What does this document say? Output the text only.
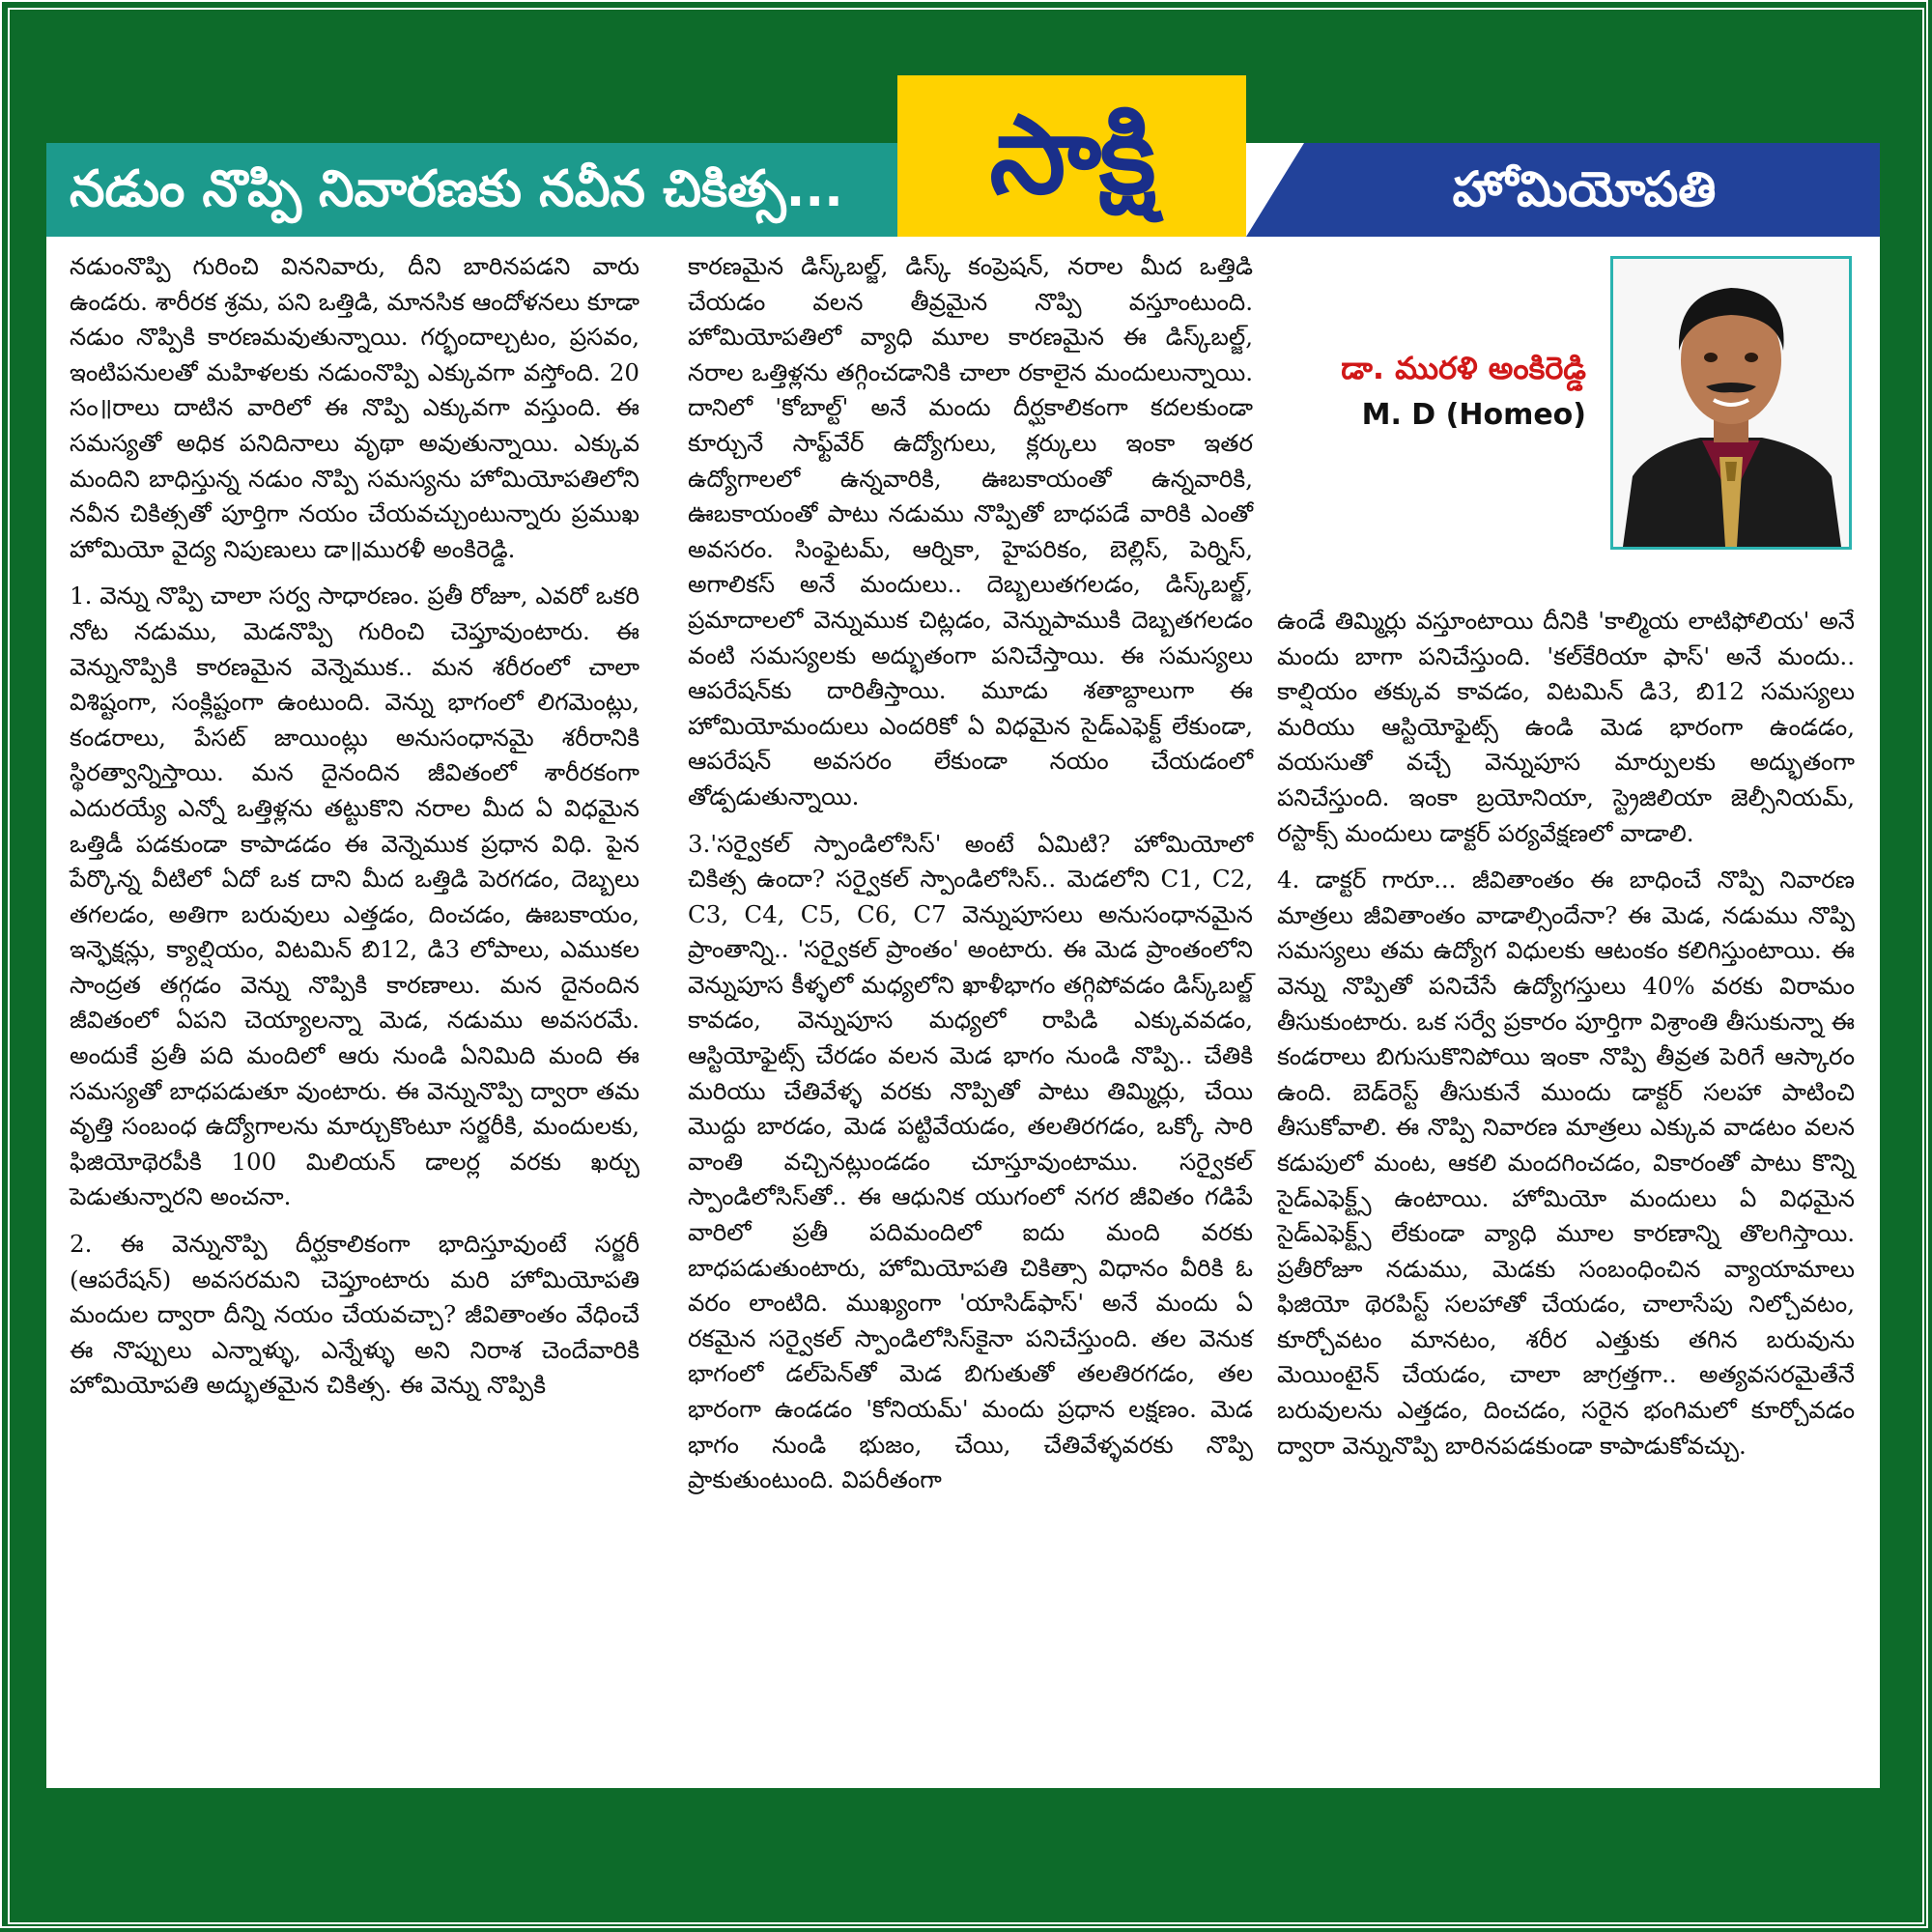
నడుం నొప్పి నివారణకు నవీన చికిత్స...	సాక్షి	హోమియోపతి

నడుంనొప్పి గురించి విననివారు, దీని బారినపడని వారు ఉండరు. శారీరక శ్రమ, పని ఒత్తిడి, మానసిక ఆందోళనలు కూడా నడుం నొప్పికి కారణమవుతున్నాయి. గర్భందాల్చటం, ప్రసవం, ఇంటిపనులతో మహిళలకు నడుంనొప్పి ఎక్కువగా వస్తోంది. 20 సం॥రాలు దాటిన వారిలో ఈ నొప్పి ఎక్కువగా వస్తుంది. ఈ సమస్యతో అధిక పనిదినాలు వృథా అవుతున్నాయి. ఎక్కువ మందిని బాధిస్తున్న నడుం నొప్పి సమస్యను హోమియోపతిలోని నవీన చికిత్సతో పూర్తిగా నయం చేయవచ్చుంటున్నారు ప్రముఖ హోమియో వైద్య నిపుణులు డా॥మురళీ అంకిరెడ్డి.

1. వెన్ను నొప్పి చాలా సర్వ సాధారణం. ప్రతీ రోజూ, ఎవరో ఒకరి నోట నడుము, మెడనొప్పి గురించి చెప్తూవుంటారు. ఈ వెన్నునొప్పికి కారణమైన వెన్నెముక.. మన శరీరంలో చాలా విశిష్టంగా, సంక్లిష్టంగా ఉంటుంది. వెన్ను భాగంలో లిగమెంట్లు, కండరాలు, పేసట్ జాయింట్లు అనుసంధానమై శరీరానికి స్థిరత్వాన్నిస్తాయి. మన దైనందిన జీవితంలో శారీరకంగా ఎదురయ్యే ఎన్నో ఒత్తిళ్లను తట్టుకొని నరాల మీద ఏ విధమైన ఒత్తిడీ పడకుండా కాపాడడం ఈ వెన్నెముక ప్రధాన విధి. పైన పేర్కొన్న వీటిలో ఏదో ఒక దాని మీద ఒత్తిడి పెరగడం, దెబ్బలు తగలడం, అతిగా బరువులు ఎత్తడం, దించడం, ఊబకాయం, ఇన్ఫెక్షన్లు, క్యాల్షియం, విటమిన్ బి12, డి3 లోపాలు, ఎముకల సాంద్రత తగ్గడం వెన్ను నొప్పికి కారణాలు. మన దైనందిన జీవితంలో ఏపని చెయ్యాలన్నా మెడ, నడుము అవసరమే. అందుకే ప్రతీ పది మందిలో ఆరు నుండి ఏనిమిది మంది ఈ సమస్యతో బాధపడుతూ వుంటారు. ఈ వెన్నునొప్పి ద్వారా తమ వృత్తి సంబంధ ఉద్యోగాలను మార్చుకొంటూ సర్జరీకి, మందులకు, ఫిజియోథెరపీకి 100 మిలియన్ డాలర్ల వరకు ఖర్చు పెడుతున్నారని అంచనా.

2. ఈ వెన్నునొప్పి దీర్ఘకాలికంగా భాదిస్తూవుంటే సర్జరీ (ఆపరేషన్) అవసరమని చెప్తూంటారు మరి హోమియోపతి మందుల ద్వారా దీన్ని నయం చేయవచ్చా? జీవితాంతం వేధించే ఈ నొప్పులు ఎన్నాళ్ళు, ఎన్నేళ్ళు అని నిరాశ చెందేవారికి హోమియోపతి అద్భుతమైన చికిత్స. ఈ వెన్ను నొప్పికి

కారణమైన డిస్క్‌బల్జ్, డిస్క్ కంప్రెషన్, నరాల మీద ఒత్తిడి చేయడం వలన తీవ్రమైన నొప్పి వస్తూంటుంది. హోమియోపతిలో వ్యాధి మూల కారణమైన ఈ డిస్క్‌బల్జ్, నరాల ఒత్తిళ్లను తగ్గించడానికి చాలా రకాలైన మందులున్నాయి. దానిలో 'కోబాల్ట్' అనే మందు దీర్ఘకాలికంగా కదలకుండా కూర్చునే సాఫ్ట్‌వేర్ ఉద్యోగులు, క్లర్కులు ఇంకా ఇతర ఉద్యోగాలలో ఉన్నవారికి, ఊబకాయంతో ఉన్నవారికి, ఊబకాయంతో పాటు నడుము నొప్పితో బాధపడే వారికి ఎంతో అవసరం. సింఫైటమ్, ఆర్నికా, హైపరికం, బెల్లిస్, పెర్నిస్, అగాలికస్ అనే మందులు.. దెబ్బలుతగలడం, డిస్క్‌బల్జ్, ప్రమాదాలలో వెన్నుముక చిట్లడం, వెన్నుపాముకి దెబ్బతగలడం వంటి సమస్యలకు అద్భుతంగా పనిచేస్తాయి. ఈ సమస్యలు ఆపరేషన్‌కు దారితీస్తాయి. మూడు శతాబ్దాలుగా ఈ హోమియోమందులు ఎందరికో ఏ విధమైన సైడ్ఎఫెక్ట్ లేకుండా, ఆపరేషన్ అవసరం లేకుండా నయం చేయడంలో తోడ్పడుతున్నాయి.

3.'సర్వైకల్ స్పాండిలోసిస్' అంటే ఏమిటి? హోమియోలో చికిత్స ఉందా? సర్వైకల్ స్పాండిలోసిస్.. మెడలోని C1, C2, C3, C4, C5, C6, C7 వెన్నుపూసలు అనుసంధానమైన ప్రాంతాన్ని.. 'సర్వైకల్ ప్రాంతం' అంటారు. ఈ మెడ ప్రాంతంలోని వెన్నుపూస కీళ్ళలో మధ్యలోని ఖాళీభాగం తగ్గిపోవడం డిస్క్‌బల్జ్ కావడం, వెన్నుపూస మధ్యలో రాపిడి ఎక్కువవడం, ఆస్టియోఫైట్స్ చేరడం వలన మెడ భాగం నుండి నొప్పి.. చేతికి మరియు చేతివేళ్ళ వరకు నొప్పితో పాటు తిమ్మిర్లు, చేయి మొద్దు బారడం, మెడ పట్టివేయడం, తలతిరగడం, ఒక్కో సారి వాంతి వచ్చినట్లుండడం చూస్తూవుంటాము. సర్వైకల్ స్పాండిలోసిస్‌తో.. ఈ ఆధునిక యుగంలో నగర జీవితం గడిపే వారిలో ప్రతీ పదిమందిలో ఐదు మంది వరకు బాధపడుతుంటారు, హోమియోపతి చికిత్సా విధానం వీరికి ఓ వరం లాంటిది. ముఖ్యంగా 'యాసిడ్‌ఫాస్' అనే మందు ఏ రకమైన సర్వైకల్ స్పాండిలోసిస్‌కైనా పనిచేస్తుంది. తల వెనుక భాగంలో డల్‌పెన్‌తో మెడ బిగుతుతో తలతిరగడం, తల భారంగా ఉండడం 'కోనియమ్' మందు ప్రధాన లక్షణం. మెడ భాగం నుండి భుజం, చేయి, చేతివేళ్ళవరకు నొప్పి ప్రాకుతుంటుంది. విపరీతంగా

డా. మురళి అంకిరెడ్డి
M. D (Homeo)

ఉండే తిమ్మిర్లు వస్తూంటాయి దీనికి 'కాల్మియ లాటిఫోలియ' అనే మందు బాగా పనిచేస్తుంది. 'కల్‌కేరియా ఫాస్' అనే మందు.. కాల్షియం తక్కువ కావడం, విటమిన్ డి3, బి12 సమస్యలు మరియు ఆస్టియోఫైట్స్ ఉండి మెడ భారంగా ఉండడం, వయసుతో వచ్చే వెన్నుపూస మార్పులకు అద్భుతంగా పనిచేస్తుంది. ఇంకా బ్రయోనియా, స్ట్రెజిలియా జెల్సీనియమ్, రస్టాక్స్ మందులు డాక్టర్ పర్యవేక్షణలో వాడాలి.

4. డాక్టర్ గారూ... జీవితాంతం ఈ బాధించే నొప్పి నివారణ మాత్రలు జీవితాంతం వాడాల్సిందేనా? ఈ మెడ, నడుము నొప్పి సమస్యలు తమ ఉద్యోగ విధులకు ఆటంకం కలిగిస్తుంటాయి. ఈ వెన్ను నొప్పితో పనిచేసే ఉద్యోగస్తులు 40% వరకు విరామం తీసుకుంటారు. ఒక సర్వే ప్రకారం పూర్తిగా విశ్రాంతి తీసుకున్నా ఈ కండరాలు బిగుసుకొనిపోయి ఇంకా నొప్పి తీవ్రత పెరిగే ఆస్కారం ఉంది. బెడ్‌రెస్ట్ తీసుకునే ముందు డాక్టర్ సలహా పాటించి తీసుకోవాలి. ఈ నొప్పి నివారణ మాత్రలు ఎక్కువ వాడటం వలన కడుపులో మంట, ఆకలి మందగించడం, వికారంతో పాటు కొన్ని సైడ్ఎఫెక్ట్స్ ఉంటాయి. హోమియో మందులు ఏ విధమైన సైడ్ఎఫెక్ట్స్ లేకుండా వ్యాధి మూల కారణాన్ని తొలగిస్తాయి. ప్రతీరోజూ నడుము, మెడకు సంబంధించిన వ్యాయామాలు ఫిజియో థెరపిస్ట్ సలహాతో చేయడం, చాలాసేపు నిల్చోవటం, కూర్చోవటం మానటం, శరీర ఎత్తుకు తగిన బరువును మెయింటైన్ చేయడం, చాలా జాగ్రత్తగా.. అత్యవసరమైతేనే బరువులను ఎత్తడం, దించడం, సరైన భంగిమలో కూర్చోవడం ద్వారా వెన్నునొప్పి బారినపడకుండా కాపాడుకోవచ్చు.
